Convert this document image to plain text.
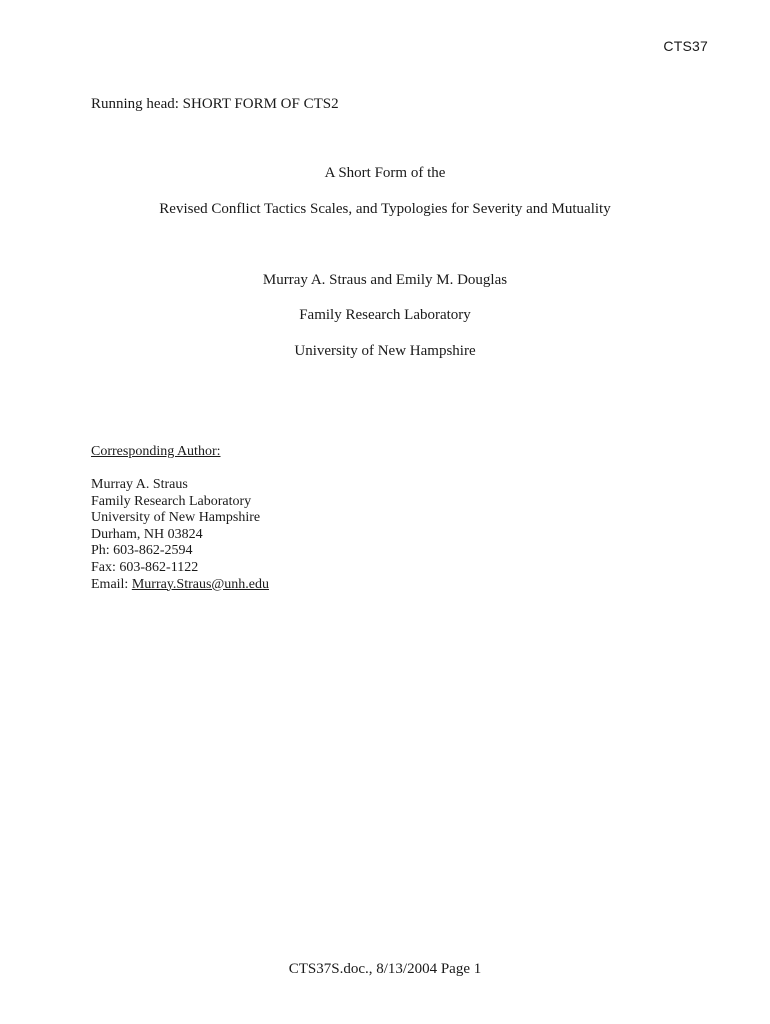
CTS37
Running head: SHORT FORM OF CTS2
A Short Form of the
Revised Conflict Tactics Scales, and Typologies for Severity and Mutuality
Murray A. Straus and Emily M. Douglas
Family Research Laboratory
University of New Hampshire
Corresponding Author:
Murray A. Straus
Family Research Laboratory
University of New Hampshire
Durham, NH 03824
Ph: 603-862-2594
Fax: 603-862-1122
Email: Murray.Straus@unh.edu
CTS37S.doc., 8/13/2004 Page 1
